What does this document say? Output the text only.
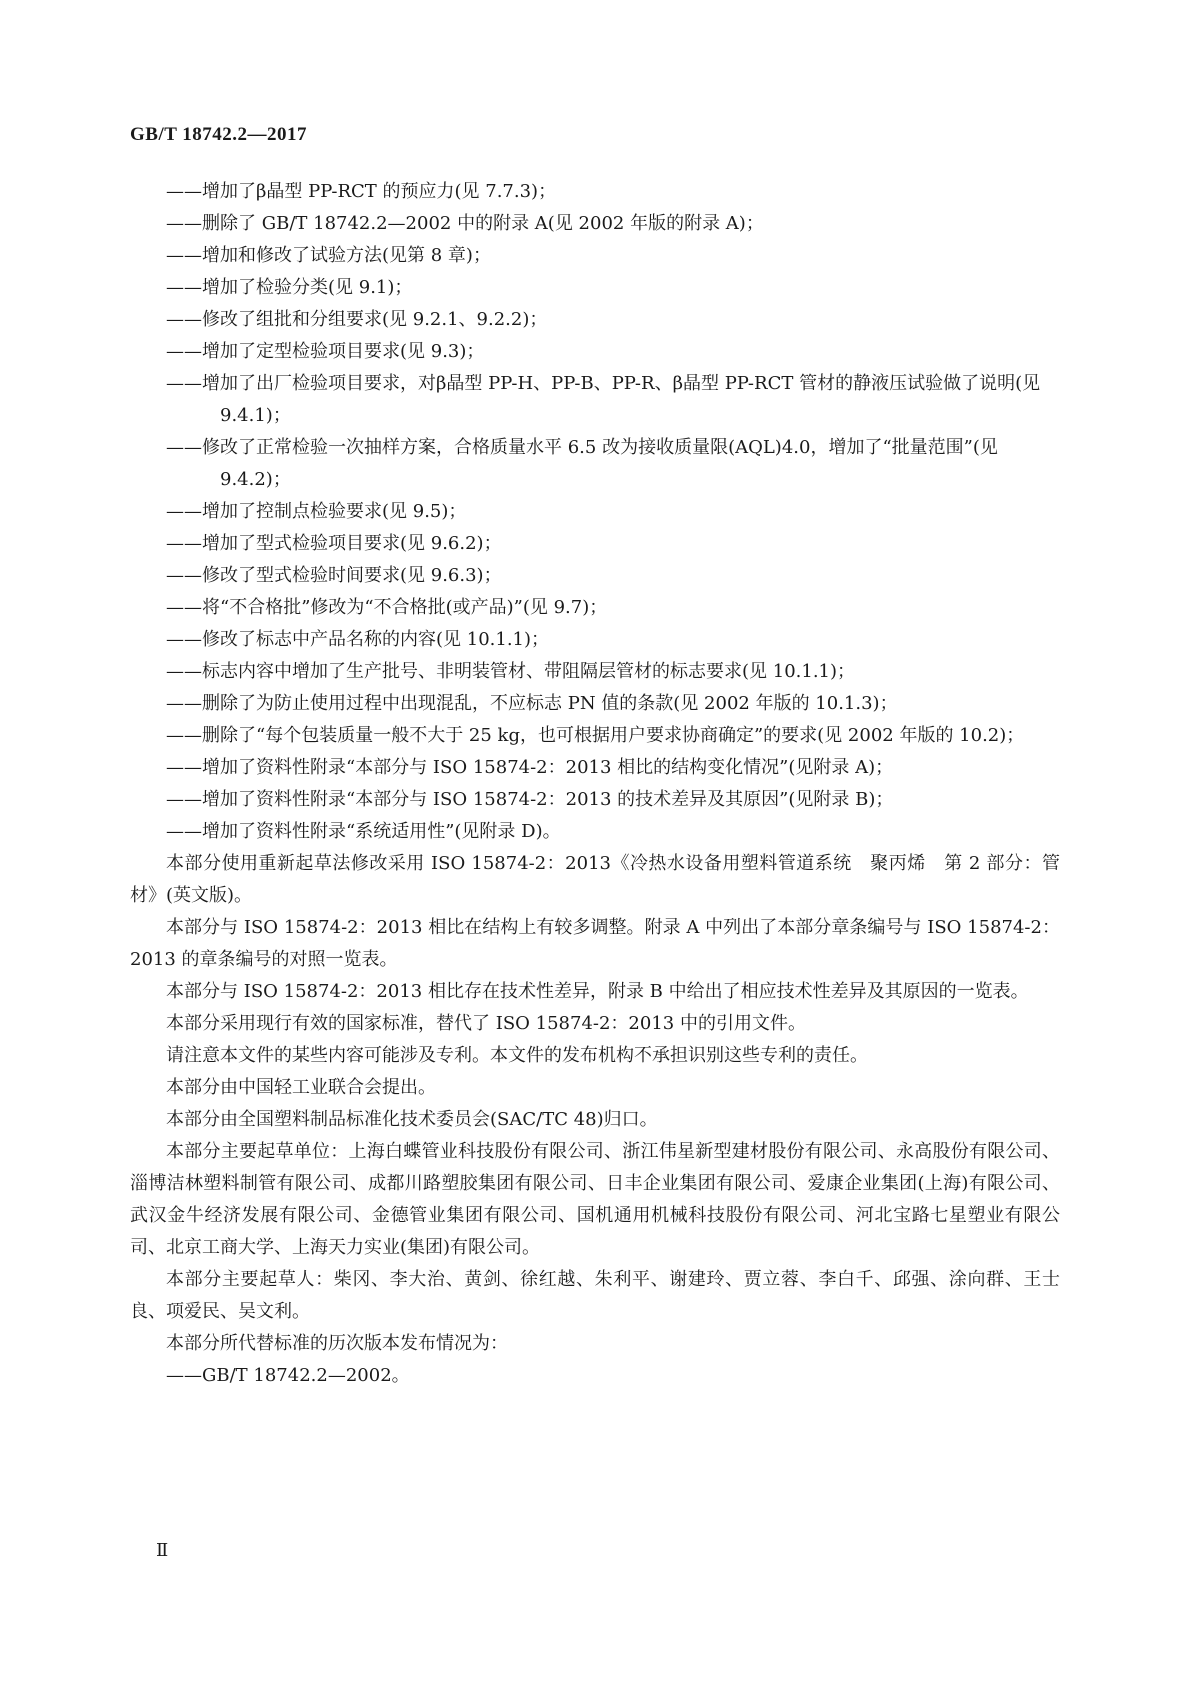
GB/T 18742.2—2017

——增加了β晶型 PP-RCT 的预应力(见 7.7.3)；

——删除了 GB/T 18742.2—2002 中的附录 A(见 2002 年版的附录 A)；

——增加和修改了试验方法(见第 8 章)；

——增加了检验分类(见 9.1)；

——修改了组批和分组要求(见 9.2.1、9.2.2)；

——增加了定型检验项目要求(见 9.3)；

——增加了出厂检验项目要求，对β晶型 PP-H、PP-B、PP-R、β晶型 PP-RCT 管材的静液压试验做了说明(见 9.4.1)；

——修改了正常检验一次抽样方案，合格质量水平 6.5 改为接收质量限(AQL)4.0，增加了“批量范围”(见 9.4.2)；

——增加了控制点检验要求(见 9.5)；

——增加了型式检验项目要求(见 9.6.2)；

——修改了型式检验时间要求(见 9.6.3)；

——将“不合格批”修改为“不合格批(或产品)”(见 9.7)；

——修改了标志中产品名称的内容(见 10.1.1)；

——标志内容中增加了生产批号、非明装管材、带阻隔层管材的标志要求(见 10.1.1)；

——删除了为防止使用过程中出现混乱，不应标志 PN 值的条款(见 2002 年版的 10.1.3)；

——删除了“每个包装质量一般不大于 25 kg，也可根据用户要求协商确定”的要求(见 2002 年版的 10.2)；

——增加了资料性附录“本部分与 ISO 15874-2：2013 相比的结构变化情况”(见附录 A)；

——增加了资料性附录“本部分与 ISO 15874-2：2013 的技术差异及其原因”(见附录 B)；

——增加了资料性附录“系统适用性”(见附录 D)。

本部分使用重新起草法修改采用 ISO 15874-2：2013《冷热水设备用塑料管道系统　聚丙烯　第 2 部分：管材》(英文版)。

本部分与 ISO 15874-2：2013 相比在结构上有较多调整。附录 A 中列出了本部分章条编号与 ISO 15874-2：2013 的章条编号的对照一览表。

本部分与 ISO 15874-2：2013 相比存在技术性差异，附录 B 中给出了相应技术性差异及其原因的一览表。

本部分采用现行有效的国家标准，替代了 ISO 15874-2：2013 中的引用文件。

请注意本文件的某些内容可能涉及专利。本文件的发布机构不承担识别这些专利的责任。

本部分由中国轻工业联合会提出。

本部分由全国塑料制品标准化技术委员会(SAC/TC 48)归口。

本部分主要起草单位：上海白蝶管业科技股份有限公司、浙江伟星新型建材股份有限公司、永高股份有限公司、淄博洁林塑料制管有限公司、成都川路塑胶集团有限公司、日丰企业集团有限公司、爱康企业集团(上海)有限公司、武汉金牛经济发展有限公司、金德管业集团有限公司、国机通用机械科技股份有限公司、河北宝路七星塑业有限公司、北京工商大学、上海天力实业(集团)有限公司。

本部分主要起草人：柴冈、李大治、黄剑、徐红越、朱利平、谢建玲、贾立蓉、李白千、邱强、涂向群、王士良、项爱民、吴文利。

本部分所代替标准的历次版本发布情况为：

——GB/T 18742.2—2002。

Ⅱ
